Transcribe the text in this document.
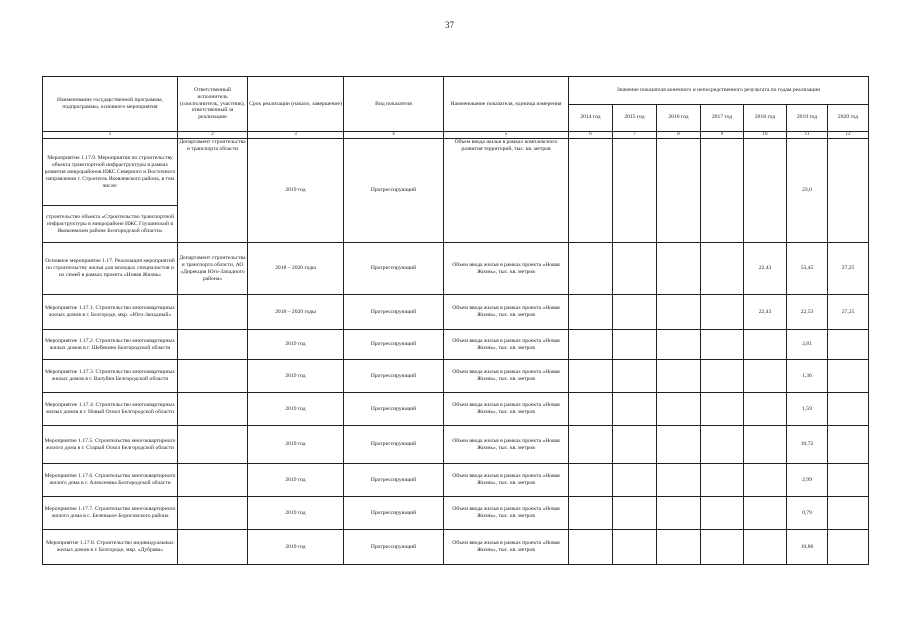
37
Наименование государственной программы, подпрограммы, основного мероприятия	Ответственный исполнитель (соисполнитель, участник), ответственный за реализацию	Срок реализации (начало, завершение)	Вид показателя	Наименование показателя, единица измерения	Значение показателя конечного и непосредственного результата по годам реализации						
					2014 год	2015 год	2016 год	2017 год	2018 год	2019 год	2020 год
1	2	3	4	5	6	7	8	9	10	11	12
Мероприятие 1.17.9. Мероприятия по строительству объекта транспортной инфраструктуры в рамках развития микрорайонов ИЖС Северного и Восточного направлении г. Строитель Яковлевского района, в том числе:	Департамент строительства и транспорта области	2019 год	Прогрессирующий	Объем ввода жилья в рамках комплексного развития территорий, тыс. кв. метров						23,0	
строительство объекта «Строительство транспортной инфраструктуры в микрорайоне ИЖС Глушинский в Яковлевском районе Белгородской области»											
Основное мероприятие 1.17. Реализация мероприятий по строительству жилья для молодых специалистов и их семей в рамках проекта «Новая Жизнь»	Департамент строительства и транспорта области, АО «Дирекция Юго-Западного района»	2018 – 2020 годы	Прогрессирующий	Объем ввода жилья в рамках проекта «Новая Жизнь», тыс. кв. метров					22,43	53,45	27,25
Мероприятие 1.17.1. Строительство многоквартирных жилых домов в г. Белгороде, мкр. «Юго-Западный»		2018 – 2020 годы	Прогрессирующий	Объем ввода жилья в рамках проекта «Новая Жизнь», тыс. кв. метров					22,43	22,53	27,25
Мероприятие 1.17.2. Строительство многоквартирных жилых домов в г. Шебекино Белгородской области		2019 год	Прогрессирующий	Объем ввода жилья в рамках проекта «Новая Жизнь», тыс. кв. метров						2,81	
Мероприятие 1.17.3. Строительство многоквартирных жилых домов в г. Валуйки Белгородской области		2019 год	Прогрессирующий	Объем ввода жилья в рамках проекта «Новая Жизнь», тыс. кв. метров						1,36	
Мероприятие 1.17.4. Строительство многоквартирных жилых домов в г. Новый Оскол Белгородской области		2019 год	Прогрессирующий	Объем ввода жилья в рамках проекта «Новая Жизнь», тыс. кв. метров						1,59	
Мероприятие 1.17.5. Строительство многоквартирного жилого дома в г. Старый Оскол Белгородской области		2019 год	Прогрессирующий	Объем ввода жилья в рамках проекта «Новая Жизнь», тыс. кв. метров						10,72	
Мероприятие 1.17.6. Строительство многоквартирного жилого дома в г. Алексеевка Белгородской области		2019 год	Прогрессирующий	Объем ввода жилья в рамках проекта «Новая Жизнь», тыс. кв. метров						2,99	
Мероприятие 1.17.7. Строительство многоквартирного жилого дома в с. Беленькое Борисовского района		2019 год	Прогрессирующий	Объем ввода жилья в рамках проекта «Новая Жизнь», тыс. кв. метров						0,79	
Мероприятие 1.17.8. Строительство индивидуальных жилых домов в г. Белгороде, мкр. «Дубрава»		2019 год	Прогрессирующий	Объем ввода жилья в рамках проекта «Новая Жизнь», тыс. кв. метров						10,86	
